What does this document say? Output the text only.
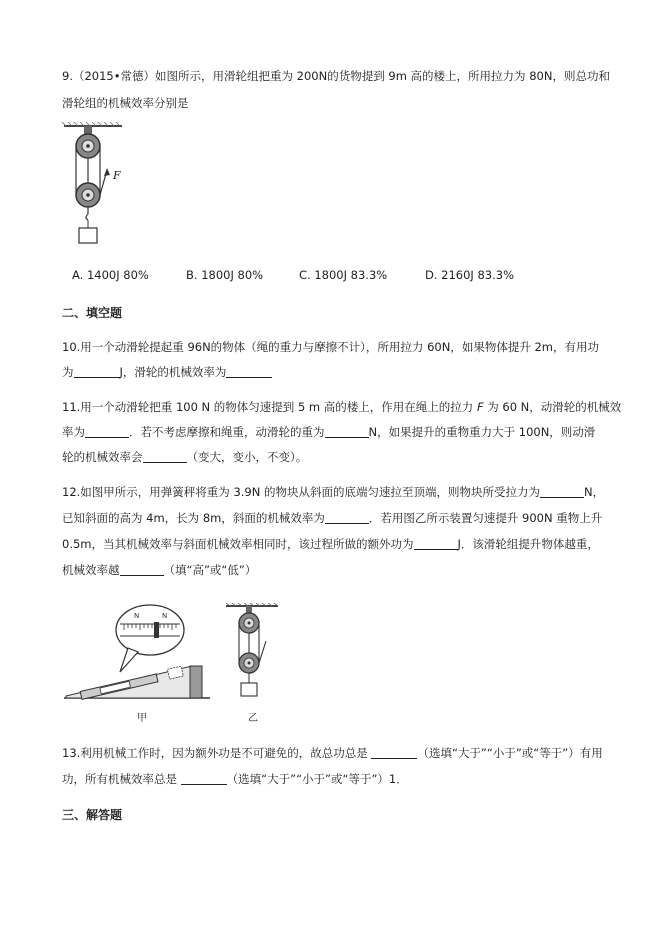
9.（2015•常德）如图所示，用滑轮组把重为 200N的货物提到 9m 高的楼上，所用拉力为 80N，则总功和
滑轮组的机械效率分别是
F
A. 1400J 80%	B. 1800J 80%	C. 1800J 83.3%	D. 2160J 83.3%
二、填空题
10.用一个动滑轮提起重 96N的物体（绳的重力与摩擦不计），所用拉力 60N，如果物体提升 2m，有用功
为	J，滑轮的机械效率为
11.用一个动滑轮把重 100 N 的物体匀速提到 5 m 高的楼上，作用在绳上的拉力 F 为 60 N，动滑轮的机械效
率为	．若不考虑摩擦和绳重，动滑轮的重为	N，如果提升的重物重力大于 100N，则动滑
轮的机械效率会	（变大，变小，不变）。
12.如图甲所示，用弹簧秤将重为 3.9N 的物块从斜面的底端匀速拉至顶端，则物块所受拉力为	N，
已知斜面的高为 4m，长为 8m，斜面的机械效率为	．若用图乙所示装置匀速提升 900N 重物上升
0.5m，当其机械效率与斜面机械效率相同时，该过程所做的额外功为	J．该滑轮组提升物体越重，
机械效率越	（填“高”或“低”）
N	N
甲	乙
13.利用机械工作时，因为额外功是不可避免的，故总功总是	（选填“大于”“小于”或“等于”）有用
功，所有机械效率总是	（选填“大于”“小于”或“等于”）1．
三、解答题
